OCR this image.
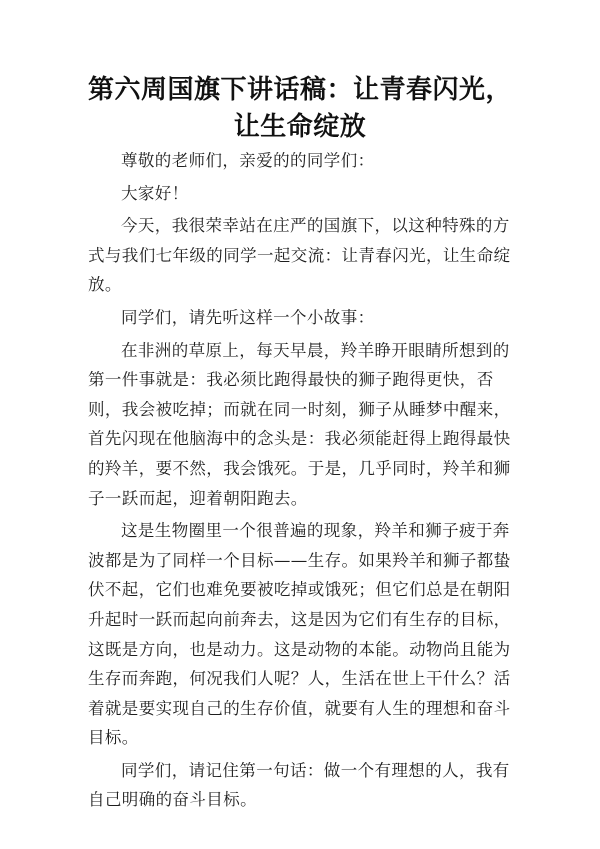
第六周国旗下讲话稿：让青春闪光，让生命绽放

尊敬的老师们，亲爱的的同学们：

大家好！

今天，我很荣幸站在庄严的国旗下，以这种特殊的方式与我们七年级的同学一起交流：让青春闪光，让生命绽放。

同学们，请先听这样一个小故事：

在非洲的草原上，每天早晨，羚羊睁开眼睛所想到的第一件事就是：我必须比跑得最快的狮子跑得更快，否则，我会被吃掉；而就在同一时刻，狮子从睡梦中醒来，首先闪现在他脑海中的念头是：我必须能赶得上跑得最快的羚羊，要不然，我会饿死。于是，几乎同时，羚羊和狮子一跃而起，迎着朝阳跑去。

这是生物圈里一个很普遍的现象，羚羊和狮子疲于奔波都是为了同样一个目标——生存。如果羚羊和狮子都蛰伏不起，它们也难免要被吃掉或饿死；但它们总是在朝阳升起时一跃而起向前奔去，这是因为它们有生存的目标，这既是方向，也是动力。这是动物的本能。动物尚且能为生存而奔跑，何况我们人呢？人，生活在世上干什么？活着就是要实现自己的生存价值，就要有人生的理想和奋斗目标。

同学们，请记住第一句话：做一个有理想的人，我有自己明确的奋斗目标。
